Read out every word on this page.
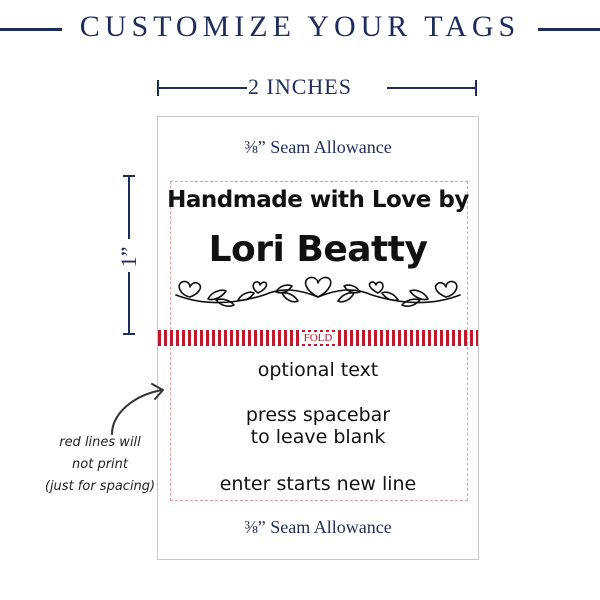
CUSTOMIZE YOUR TAGS
2 INCHES
1”
⅜” Seam Allowance
Handmade with Love by
Lori Beatty
FOLD
optional text
press spacebar
to leave blank
enter starts new line
⅜” Seam Allowance
red lines will
not print
(just for spacing)
